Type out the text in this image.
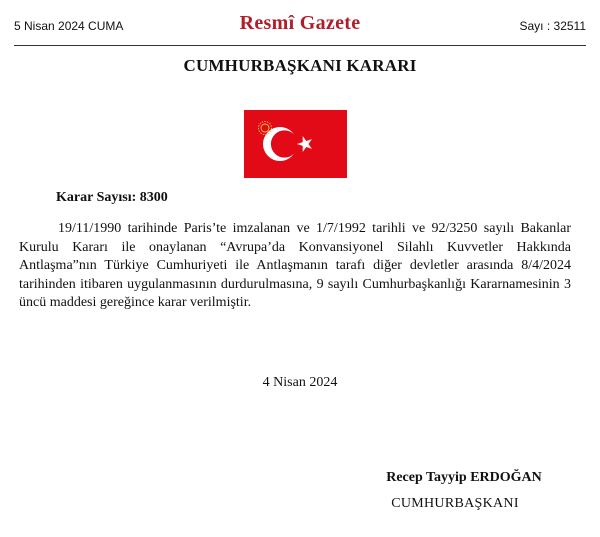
5 Nisan 2024 CUMA	Resmî Gazete	Sayı : 32511
CUMHURBAŞKANI KARARI
Karar Sayısı: 8300

19/11/1990 tarihinde Paris’te imzalanan ve 1/7/1992 tarihli ve 92/3250 sayılı Bakanlar Kurulu Kararı ile onaylanan “Avrupa’da Konvansiyonel Silahlı Kuvvetler Hakkında Antlaşma”nın Türkiye Cumhuriyeti ile Antlaşmanın tarafı diğer devletler arasında 8/4/2024 tarihinden itibaren uygulanmasının durdurulmasına, 9 sayılı Cumhurbaşkanlığı Kararnamesinin 3 üncü maddesi gereğince karar verilmiştir.

4 Nisan 2024
Recep Tayyip ERDOĞAN
CUMHURBAŞKANI
